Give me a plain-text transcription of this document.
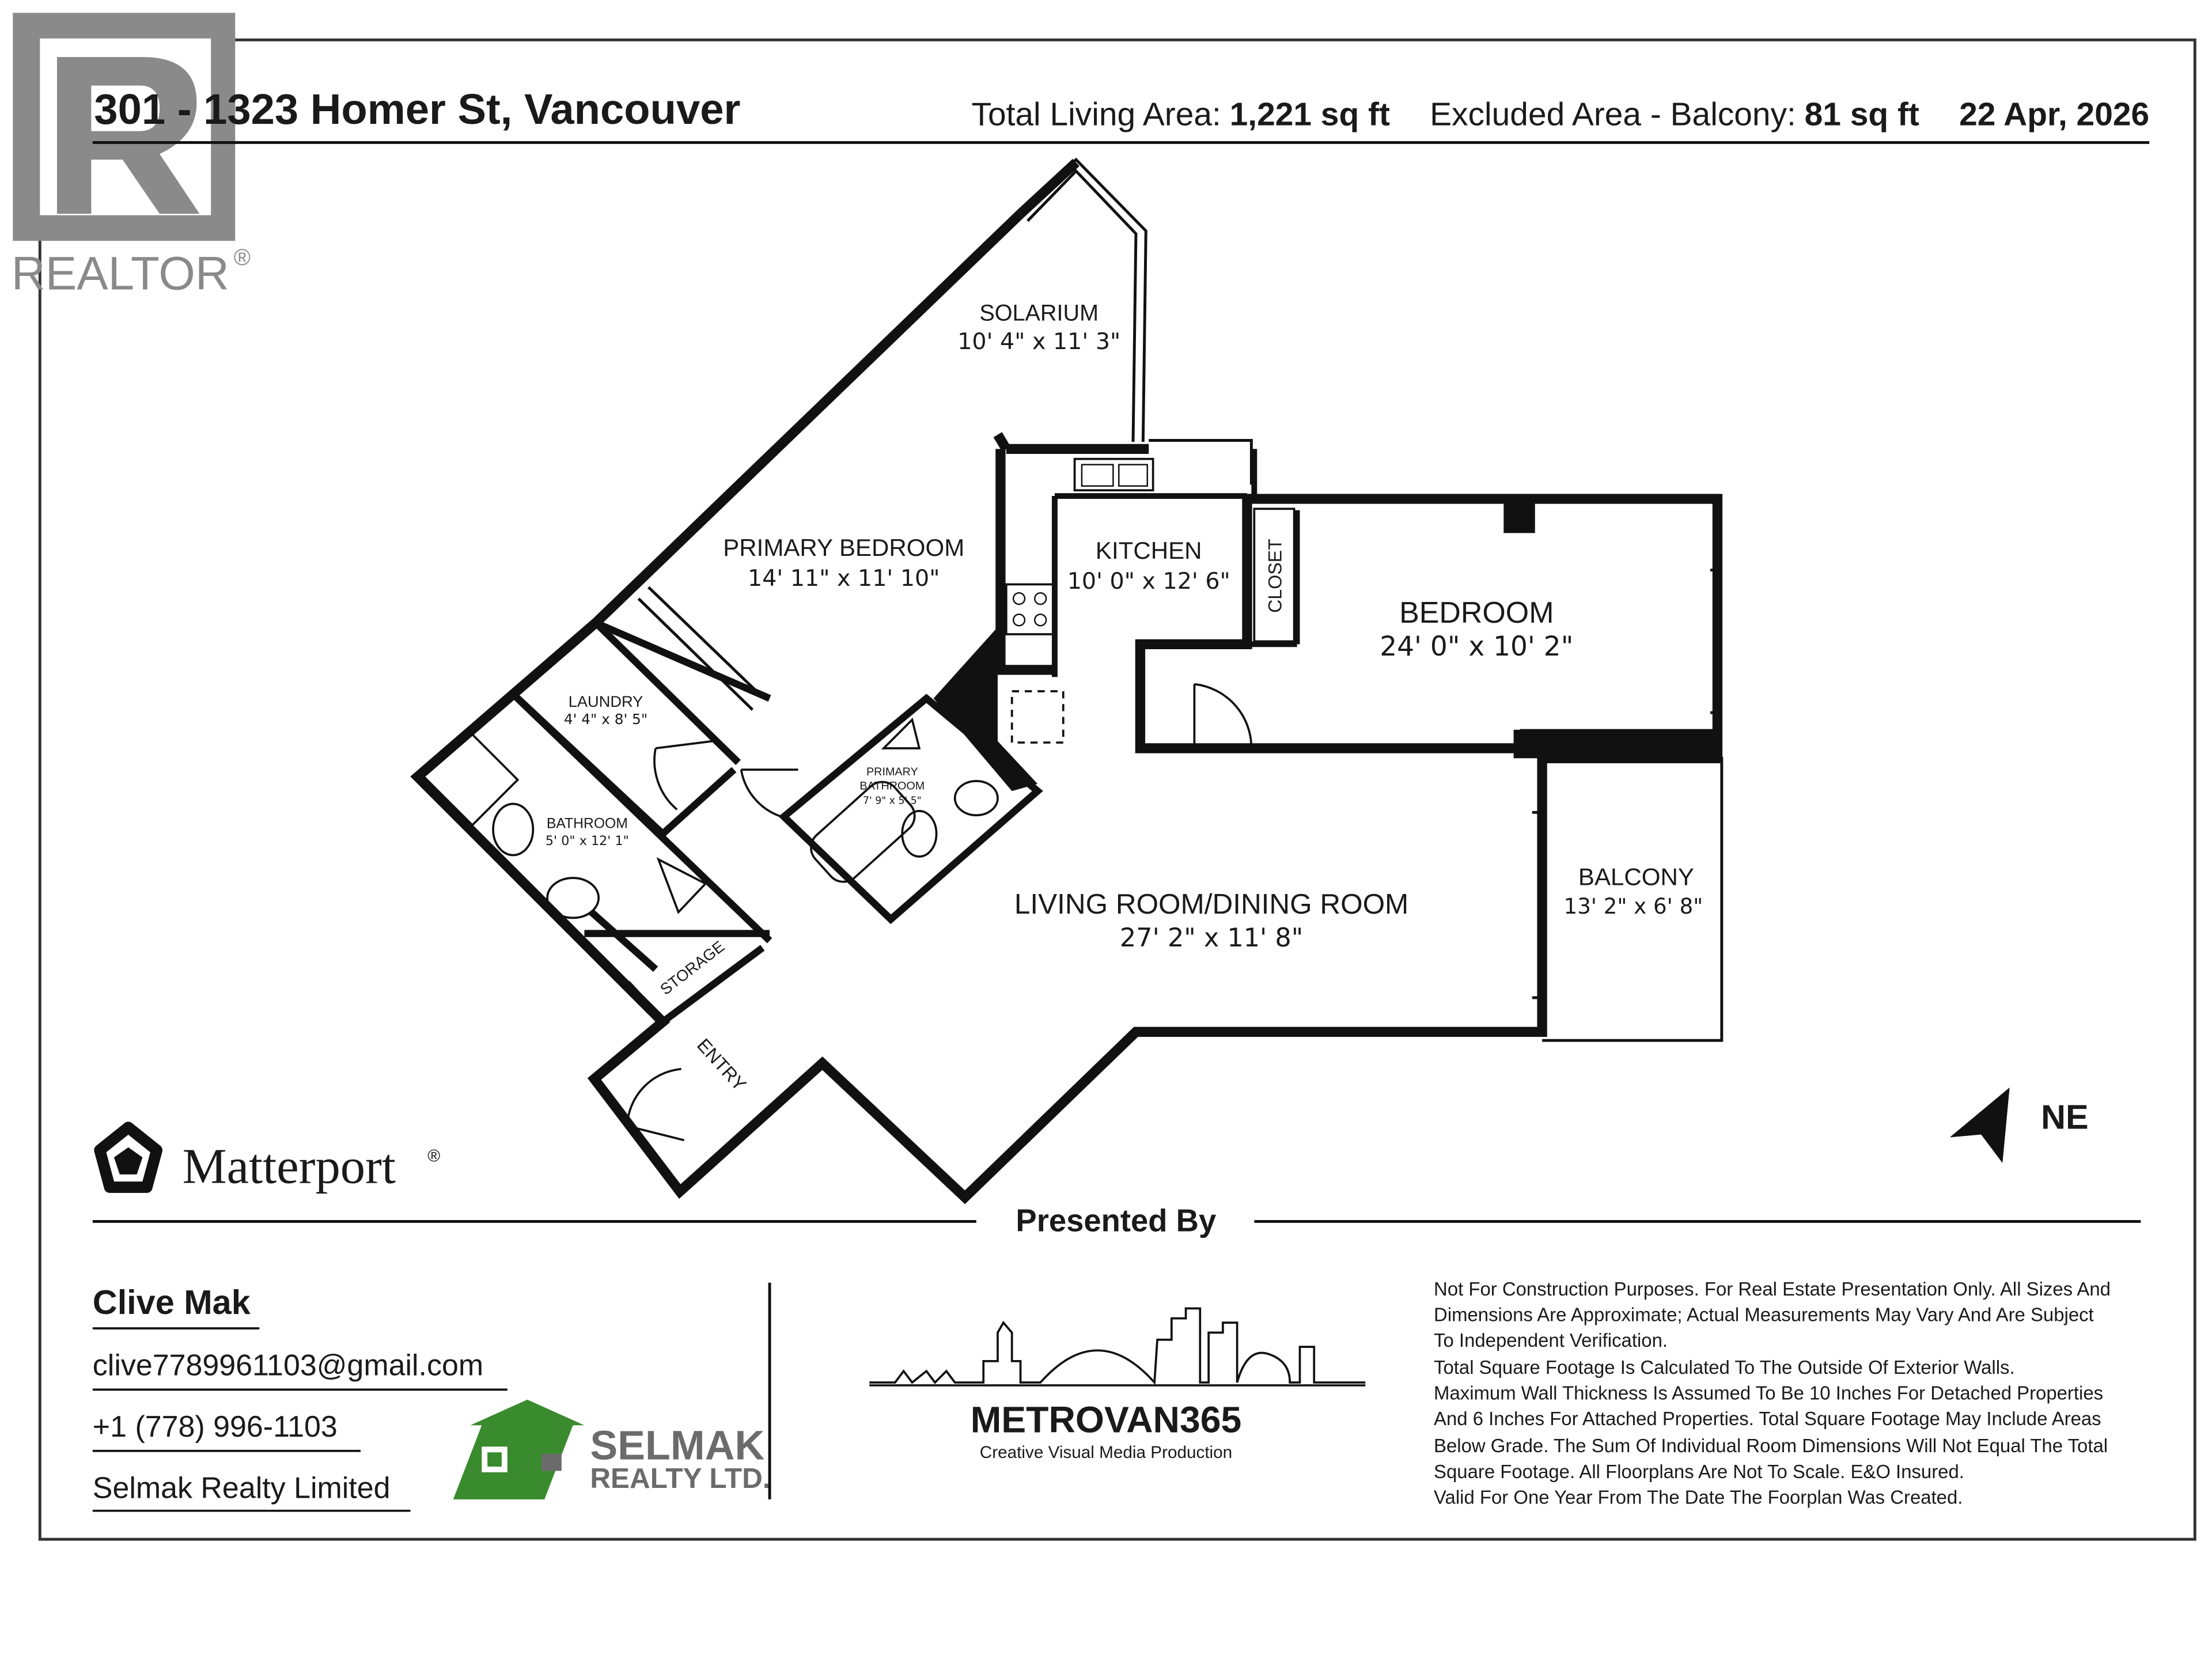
REALTOR ®
301 - 1323 Homer St, Vancouver	Total Living Area: 1,221 sq ft	Excluded Area - Balcony: 81 sq ft	22 Apr, 2026
SOLARIUM
10' 4" x 11' 3"
PRIMARY BEDROOM
14' 11" x 11' 10"
KITCHEN
10' 0" x 12' 6"	CLOSET
BEDROOM
24' 0" x 10' 2"
LAUNDRY
4' 4" x 8' 5"
BATHROOM
5' 0" x 12' 1"
PRIMARY
BATHROOM
7' 9" x 5' 5"
LIVING ROOM/DINING ROOM
27' 2" x 11' 8"
BALCONY
13' 2" x 6' 8"
STORAGE
ENTRY
NE
Matterport	®
Presented By
Clive Mak
clive7789961103@gmail.com
+1 (778) 996-1103
Selmak Realty Limited
SELMAK
REALTY LTD.
METROVAN365
Creative Visual Media Production
Not For Construction Purposes. For Real Estate Presentation Only. All Sizes And
Dimensions Are Approximate; Actual Measurements May Vary And Are Subject
To Independent Verification.
Total Square Footage Is Calculated To The Outside Of Exterior Walls.
Maximum Wall Thickness Is Assumed To Be 10 Inches For Detached Properties
And 6 Inches For Attached Properties. Total Square Footage May Include Areas
Below Grade. The Sum Of Individual Room Dimensions Will Not Equal The Total
Square Footage. All Floorplans Are Not To Scale. E&O Insured.
Valid For One Year From The Date The Foorplan Was Created.
